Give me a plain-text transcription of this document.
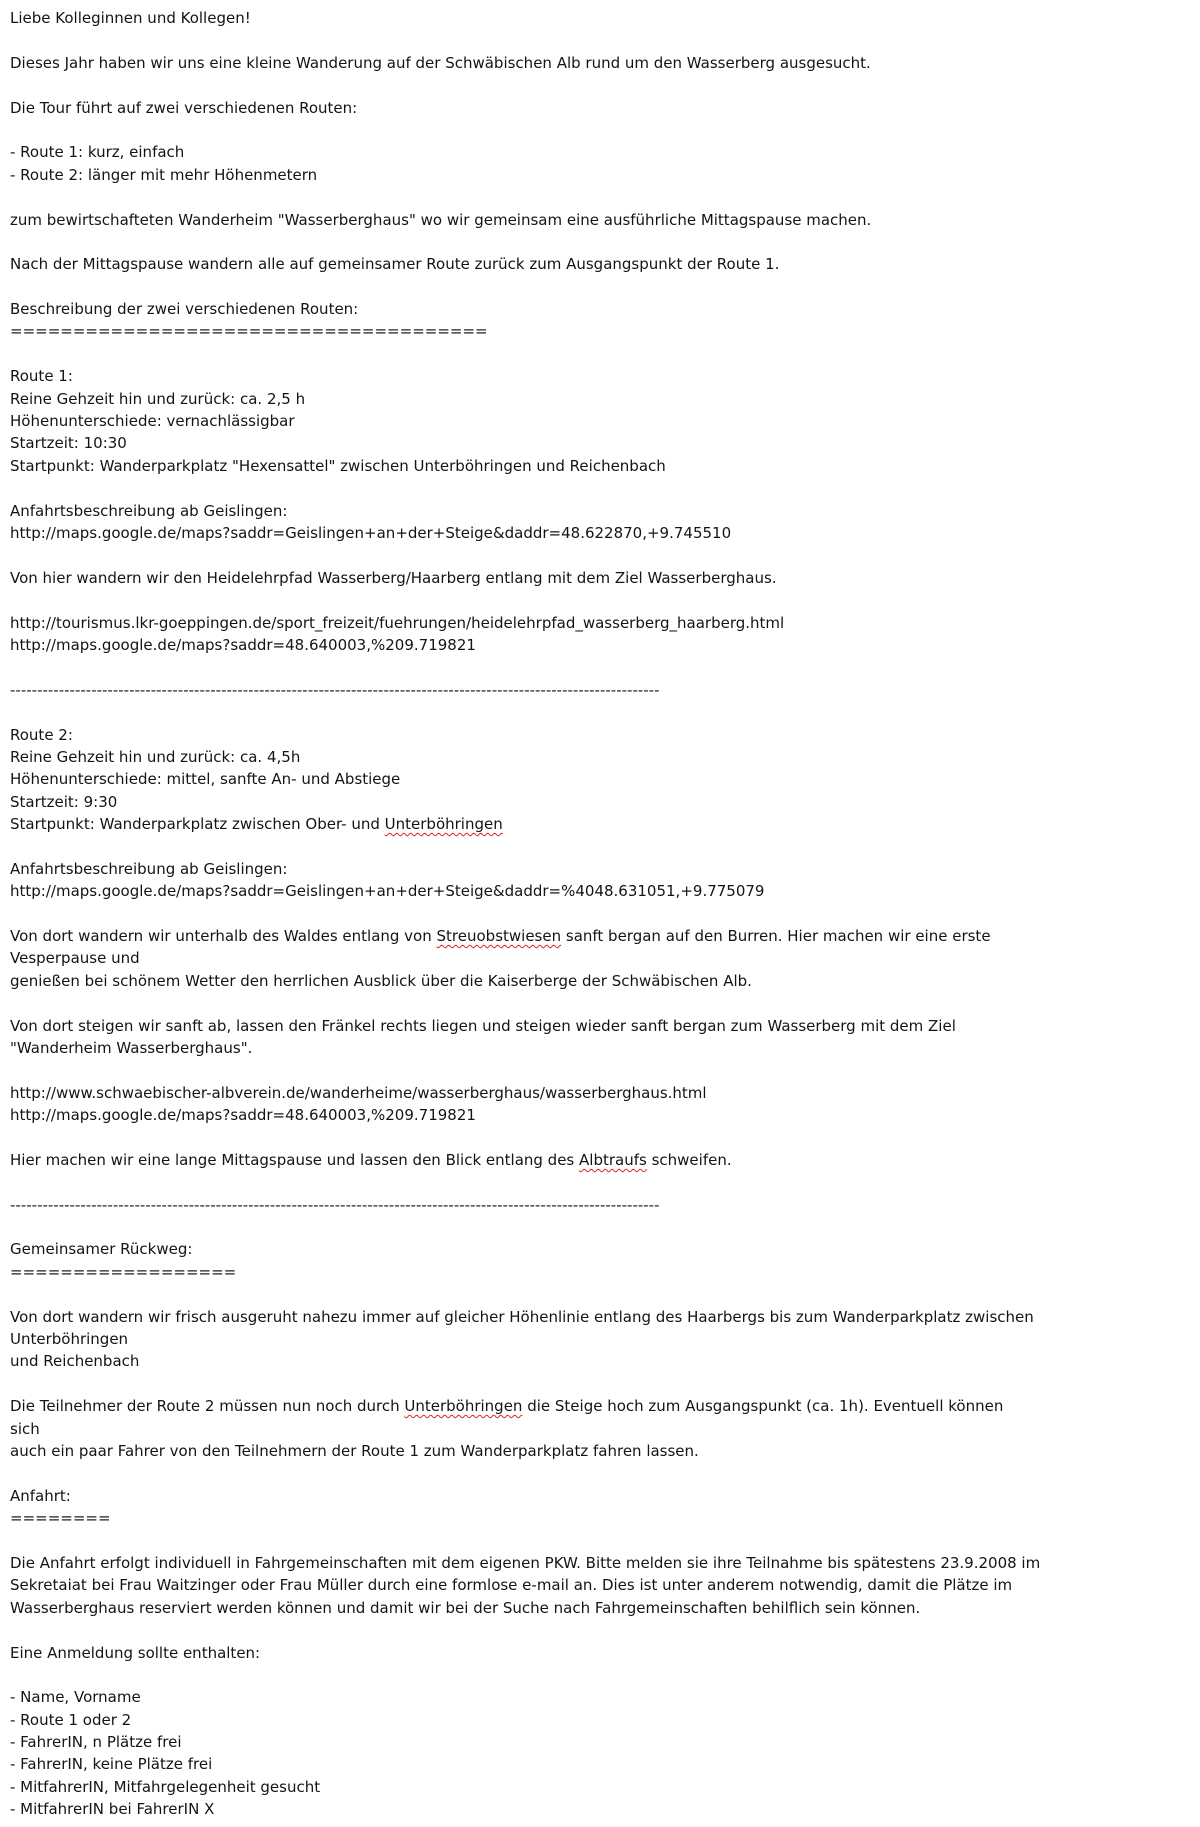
Liebe Kolleginnen und Kollegen!

Dieses Jahr haben wir uns eine kleine Wanderung auf der Schwäbischen Alb rund um den Wasserberg ausgesucht.

Die Tour führt auf zwei verschiedenen Routen:

- Route 1: kurz, einfach
- Route 2: länger mit mehr Höhenmetern

zum bewirtschafteten Wanderheim "Wasserberghaus" wo wir gemeinsam eine ausführliche Mittagspause machen.

Nach der Mittagspause wandern alle auf gemeinsamer Route zurück zum Ausgangspunkt der Route 1.

Beschreibung der zwei verschiedenen Routen:
======================================

Route 1:
Reine Gehzeit hin und zurück: ca. 2,5 h
Höhenunterschiede: vernachlässigbar
Startzeit: 10:30
Startpunkt: Wanderparkplatz "Hexensattel" zwischen Unterböhringen und Reichenbach

Anfahrtsbeschreibung ab Geislingen:
http://maps.google.de/maps?saddr=Geislingen+an+der+Steige&daddr=48.622870,+9.745510

Von hier wandern wir den Heidelehrpfad Wasserberg/Haarberg entlang mit dem Ziel Wasserberghaus.

http://tourismus.lkr-goeppingen.de/sport_freizeit/fuehrungen/heidelehrpfad_wasserberg_haarberg.html
http://maps.google.de/maps?saddr=48.640003,%209.719821

------------------------------------------------------------------------------------------------------------------------

Route 2:
Reine Gehzeit hin und zurück: ca. 4,5h
Höhenunterschiede: mittel, sanfte An- und Abstiege
Startzeit: 9:30
Startpunkt: Wanderparkplatz zwischen Ober- und Unterböhringen

Anfahrtsbeschreibung ab Geislingen:
http://maps.google.de/maps?saddr=Geislingen+an+der+Steige&daddr=%4048.631051,+9.775079

Von dort wandern wir unterhalb des Waldes entlang von Streuobstwiesen sanft bergan auf den Burren. Hier machen wir eine erste
Vesperpause und
genießen bei schönem Wetter den herrlichen Ausblick über die Kaiserberge der Schwäbischen Alb.

Von dort steigen wir sanft ab, lassen den Fränkel rechts liegen und steigen wieder sanft bergan zum Wasserberg mit dem Ziel
"Wanderheim Wasserberghaus".

http://www.schwaebischer-albverein.de/wanderheime/wasserberghaus/wasserberghaus.html
http://maps.google.de/maps?saddr=48.640003,%209.719821

Hier machen wir eine lange Mittagspause und lassen den Blick entlang des Albtraufs schweifen.

------------------------------------------------------------------------------------------------------------------------

Gemeinsamer Rückweg:
==================

Von dort wandern wir frisch ausgeruht nahezu immer auf gleicher Höhenlinie entlang des Haarbergs bis zum Wanderparkplatz zwischen
Unterböhringen
und Reichenbach

Die Teilnehmer der Route 2 müssen nun noch durch Unterböhringen die Steige hoch zum Ausgangspunkt (ca. 1h). Eventuell können
sich
auch ein paar Fahrer von den Teilnehmern der Route 1 zum Wanderparkplatz fahren lassen.

Anfahrt:
========

Die Anfahrt erfolgt individuell in Fahrgemeinschaften mit dem eigenen PKW. Bitte melden sie ihre Teilnahme bis spätestens 23.9.2008 im
Sekretaiat bei Frau Waitzinger oder Frau Müller durch eine formlose e-mail an. Dies ist unter anderem notwendig, damit die Plätze im
Wasserberghaus reserviert werden können und damit wir bei der Suche nach Fahrgemeinschaften behilflich sein können.

Eine Anmeldung sollte enthalten:

- Name, Vorname
- Route 1 oder 2
- FahrerIN, n Plätze frei
- FahrerIN, keine Plätze frei
- MitfahrerIN, Mitfahrgelegenheit gesucht
- MitfahrerIN bei FahrerIN X
